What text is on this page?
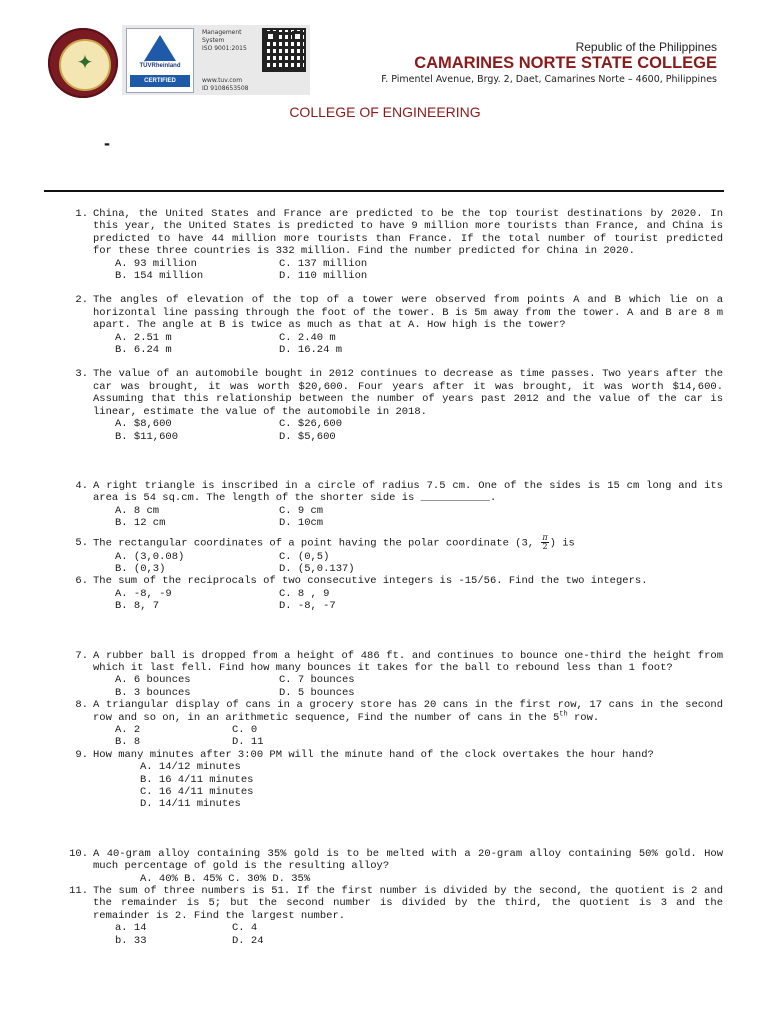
✦
1992
TÜVRheinland
CERTIFIED
Management
System
ISO 9001:2015
www.tuv.com
ID 9108653508
Republic of the Philippines
CAMARINES NORTE STATE COLLEGE
F. Pimentel Avenue, Brgy. 2, Daet, Camarines Norte – 4600, Philippines
COLLEGE OF ENGINEERING
-
1. China, the United States and France are predicted to be the top tourist destinations by 2020. In this year, the United States is predicted to have 9 million more tourists than France, and China is predicted to have 44 million more tourists than France. If the total number of tourist predicted for these three countries is 332 million. Find the number predicted for China in 2020.
A. 93 million	C. 137 million
B. 154 million	D. 110 million
2. The angles of elevation of the top of a tower were observed from points A and B which lie on a horizontal line passing through the foot of the tower. B is 5m away from the tower. A and B are 8 m apart. The angle at B is twice as much as that at A. How high is the tower?
A. 2.51 m	C. 2.40 m
B. 6.24 m	D. 16.24 m
3. The value of an automobile bought in 2012 continues to decrease as time passes. Two years after the car was brought, it was worth $20,600. Four years after it was brought, it was worth $14,600. Assuming that this relationship between the number of years past 2012 and the value of the car is linear, estimate the value of the automobile in 2018.
A. $8,600	C. $26,600
B. $11,600	D. $5,600
4. A right triangle is inscribed in a circle of radius 7.5 cm. One of the sides is 15 cm long and its area is 54 sq.cm. The length of the shorter side is ___________.
A. 8 cm	C. 9 cm
B. 12 cm	D. 10cm
5. The rectangular coordinates of a point having the polar coordinate (3, $\frac{\pi}{2}$ ) is
A. (3,0.08)	C. (0,5)
B. (0,3)	D. (5,0.137)
6. The sum of the reciprocals of two consecutive integers is -15/56. Find the two integers.
A. -8, -9	C. 8 , 9
B. 8, 7	D. -8, -7
7. A rubber ball is dropped from a height of 486 ft. and continues to bounce one-third the height from which it last fell. Find how many bounces it takes for the ball to rebound less than 1 foot?
A. 6 bounces	C. 7 bounces
B. 3 bounces	D. 5 bounces
8. A triangular display of cans in a grocery store has 20 cans in the first row, 17 cans in the second row and so on, in an arithmetic sequence, Find the number of cans in the 5th row.
A. 2	C. 0
B. 8	D. 11
9. How many minutes after 3:00 PM will the minute hand of the clock overtakes the hour hand?
A. 14/12 minutes
B. 16 4/11 minutes
C. 16 4/11 minutes
D. 14/11 minutes
10. A 40-gram alloy containing 35% gold is to be melted with a 20-gram alloy containing 50% gold. How much percentage of gold is the resulting alloy?
A. 40% B. 45% C. 30% D. 35%
11. The sum of three numbers is 51. If the first number is divided by the second, the quotient is 2 and the remainder is 5; but the second number is divided by the third, the quotient is 3 and the remainder is 2. Find the largest number.
a. 14	C. 4
b. 33	D. 24
